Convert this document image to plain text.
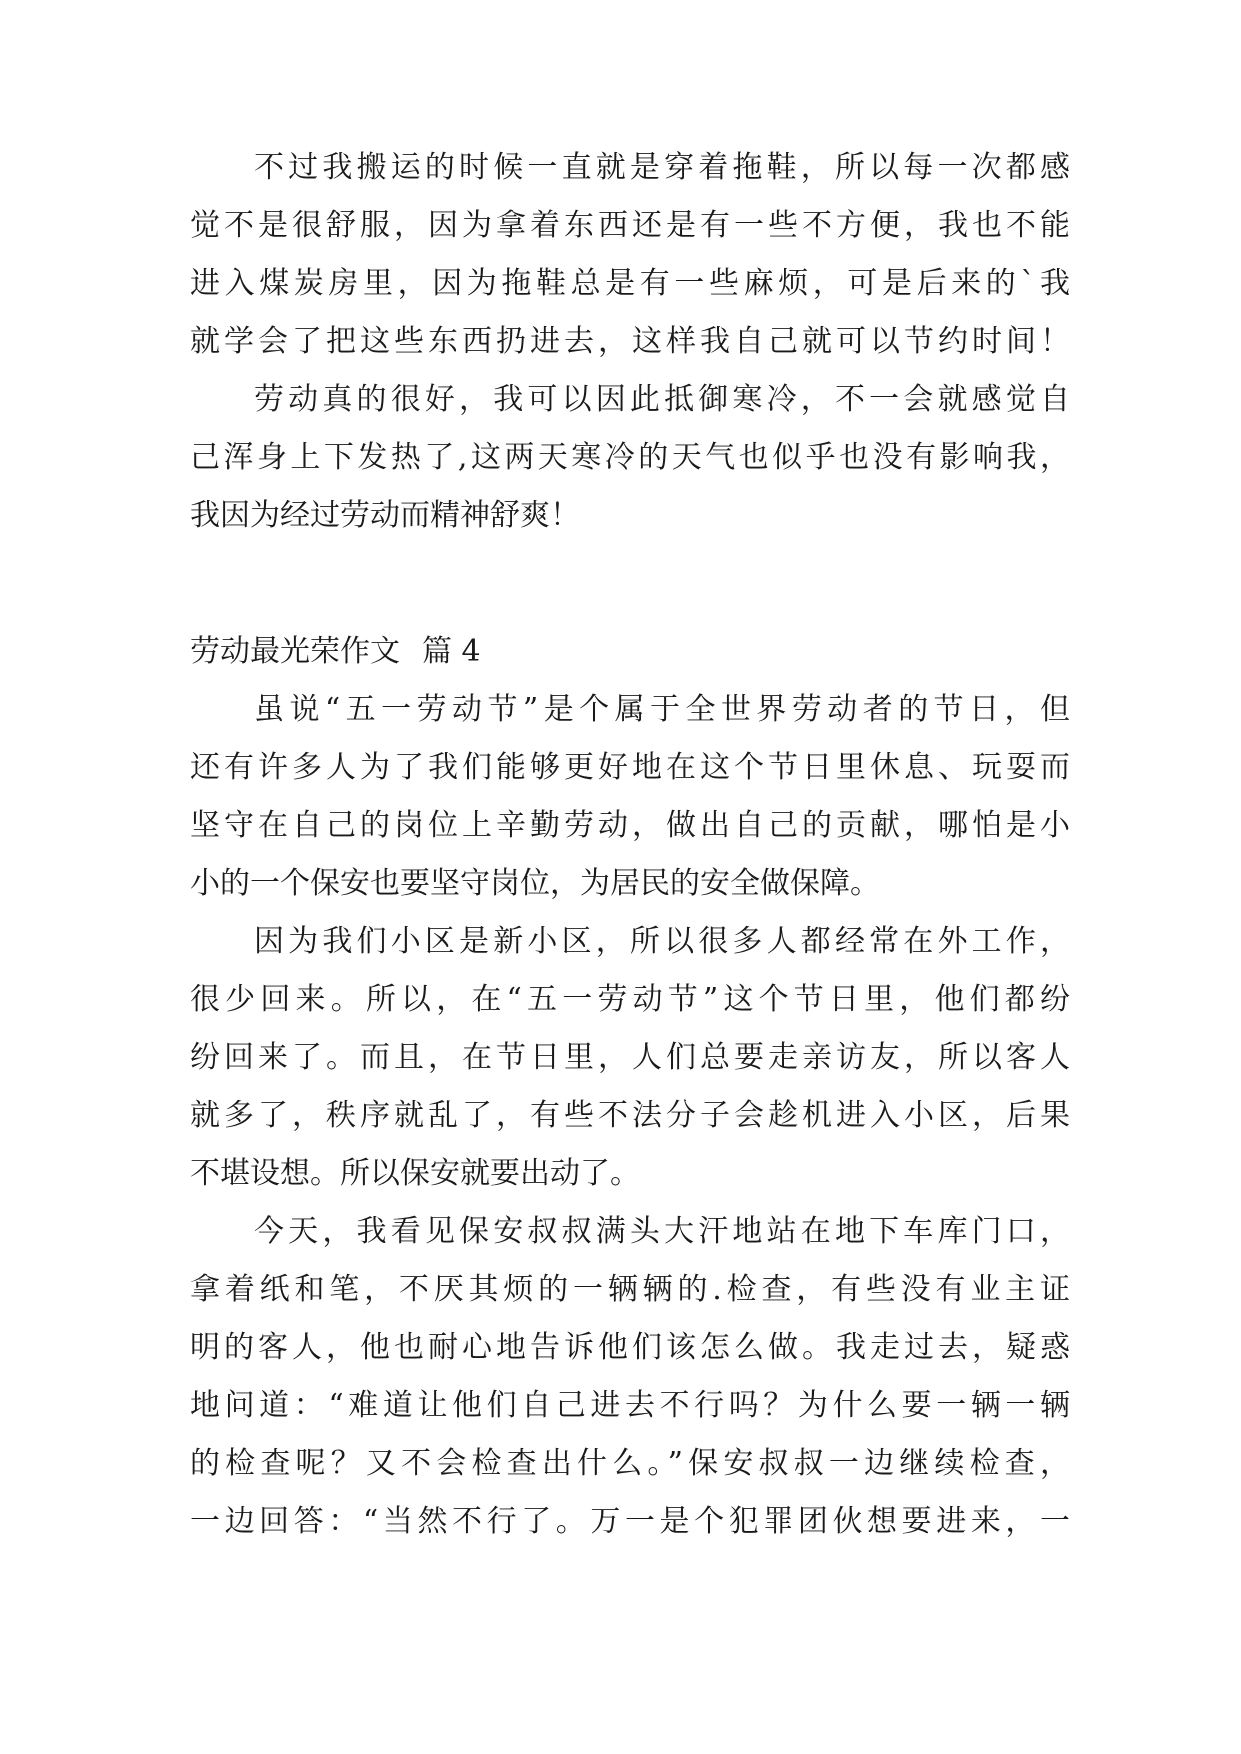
不过我搬运的时候一直就是穿着拖鞋，所以每一次都感
觉不是很舒服，因为拿着东西还是有一些不方便，我也不能
进入煤炭房里，因为拖鞋总是有一些麻烦，可是后来的`我
就学会了把这些东西扔进去，这样我自己就可以节约时间！
劳动真的很好，我可以因此抵御寒冷，不一会就感觉自
己浑身上下发热了,这两天寒冷的天气也似乎也没有影响我，
我因为经过劳动而精神舒爽！
劳动最光荣作文 篇 4
虽说“五一劳动节”是个属于全世界劳动者的节日，但
还有许多人为了我们能够更好地在这个节日里休息、玩耍而
坚守在自己的岗位上辛勤劳动，做出自己的贡献，哪怕是小
小的一个保安也要坚守岗位，为居民的安全做保障。
因为我们小区是新小区，所以很多人都经常在外工作，
很少回来。所以，在“五一劳动节”这个节日里，他们都纷
纷回来了。而且，在节日里，人们总要走亲访友，所以客人
就多了，秩序就乱了，有些不法分子会趁机进入小区，后果
不堪设想。所以保安就要出动了。
今天，我看见保安叔叔满头大汗地站在地下车库门口，
拿着纸和笔，不厌其烦的一辆辆的.检查，有些没有业主证
明的客人，他也耐心地告诉他们该怎么做。我走过去，疑惑
地问道：“难道让他们自己进去不行吗？为什么要一辆一辆
的检查呢？又不会检查出什么。”保安叔叔一边继续检查，
一边回答：“当然不行了。万一是个犯罪团伙想要进来，一
